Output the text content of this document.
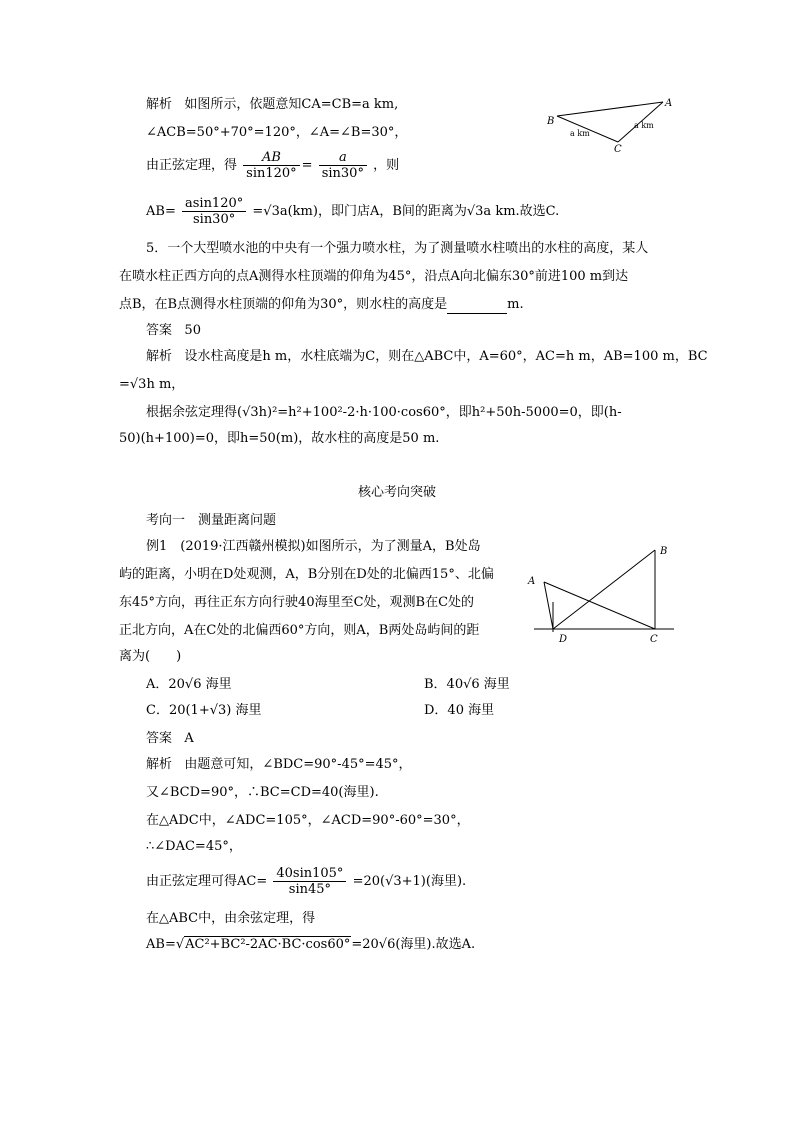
解析 如图所示，依题意知CA=CB=a km,
∠ACB=50°+70°=120°，∠A=∠B=30°，
由正弦定理，得 $\frac{AB}{\sin 120^\circ} = \frac{a}{\sin 30^\circ}$ ，则
$AB= \frac{asin120^\circ}{\sin 30^\circ} =√3a(km)$，即门店A，B间的距离为√3a km.故选C.
A
B
C
a km
a km
5．一个大型喷水池的中央有一个强力喷水柱，为了测量喷水柱喷出的水柱的高度，某人
在喷水柱正西方向的点A测得水柱顶端的仰角为45°，沿点A向北偏东30°前进100 m到达
点B，在B点测得水柱顶端的仰角为30°，则水柱的高度是	m.
答案 50
解析 设水柱高度是h m，水柱底端为C，则在△ABC中，A=60°，AC=h m，AB=100 m，BC
=√3h m，
根据余弦定理得(√3h)²=h²+100²-2·h·100·cos60°，即h²+50h-5000=0，即(h-
50)(h+100)=0，即h=50(m)，故水柱的高度是50 m.
核心考向突破
考向一　测量距离问题
例1　(2019·江西赣州模拟)如图所示，为了测量A，B处岛
屿的距离，小明在D处观测，A，B分别在D处的北偏西15°、北偏
东45°方向，再往正东方向行驶40海里至C处，观测B在C处的
正北方向，A在C处的北偏西60°方向，则A，B两处岛屿间的距
离为(　　)
A
B
C
D
A．20√6 海里	B．40√6 海里
C．20(1+√3) 海里	D．40 海里
答案 A
解析 由题意可知，∠BDC=90°-45°=45°，
又∠BCD=90°，∴BC=CD=40(海里).
在△ADC中，∠ADC=105°，∠ACD=90°-60°=30°，
∴∠DAC=45°，
由正弦定理可得$AC= \frac{40\sin 105^\circ}{\sin 45^\circ} =20(√3+1)$(海里).
在△ABC中，由余弦定理，得
AB=√AC²+BC²-2AC·BC·cos60°=20√6(海里).故选A.
